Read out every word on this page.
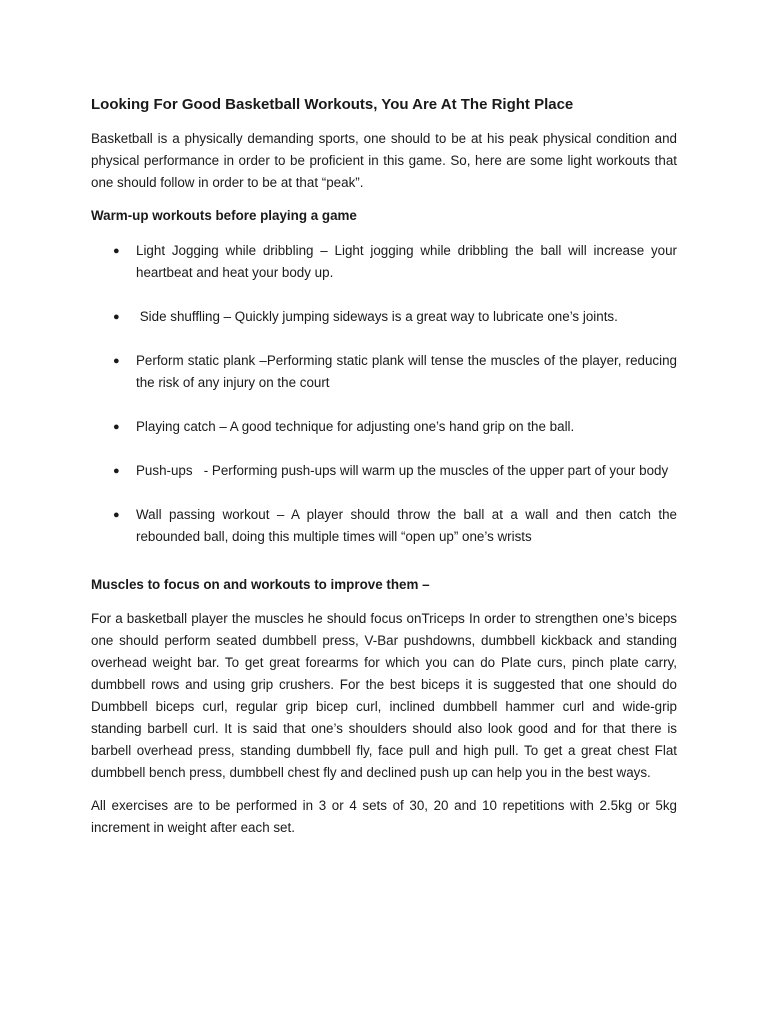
Looking For Good Basketball Workouts, You Are At The Right Place

Basketball is a physically demanding sports, one should to be at his peak physical condition and physical performance in order to be proficient in this game. So, here are some light workouts that one should follow in order to be at that “peak”.

Warm-up workouts before playing a game

● Light Jogging while dribbling – Light jogging while dribbling the ball will increase your heartbeat and heat your body up.
● Side shuffling – Quickly jumping sideways is a great way to lubricate one’s joints.
● Perform static plank –Performing static plank will tense the muscles of the player, reducing the risk of any injury on the court
● Playing catch – A good technique for adjusting one’s hand grip on the ball.
● Push-ups   - Performing push-ups will warm up the muscles of the upper part of your body
● Wall passing workout – A player should throw the ball at a wall and then catch the rebounded ball, doing this multiple times will “open up” one’s wrists

Muscles to focus on and workouts to improve them –

For a basketball player the muscles he should focus onTriceps In order to strengthen one’s biceps one should perform seated dumbbell press, V-Bar pushdowns, dumbbell kickback and standing overhead weight bar. To get great forearms for which you can do Plate curs, pinch plate carry, dumbbell rows and using grip crushers. For the best biceps it is suggested that one should do Dumbbell biceps curl, regular grip bicep curl, inclined dumbbell hammer curl and wide-grip standing barbell curl. It is said that one’s shoulders should also look good and for that there is barbell overhead press, standing dumbbell fly, face pull and high pull. To get a great chest Flat dumbbell bench press, dumbbell chest fly and declined push up can help you in the best ways.

All exercises are to be performed in 3 or 4 sets of 30, 20 and 10 repetitions with 2.5kg or 5kg increment in weight after each set.
